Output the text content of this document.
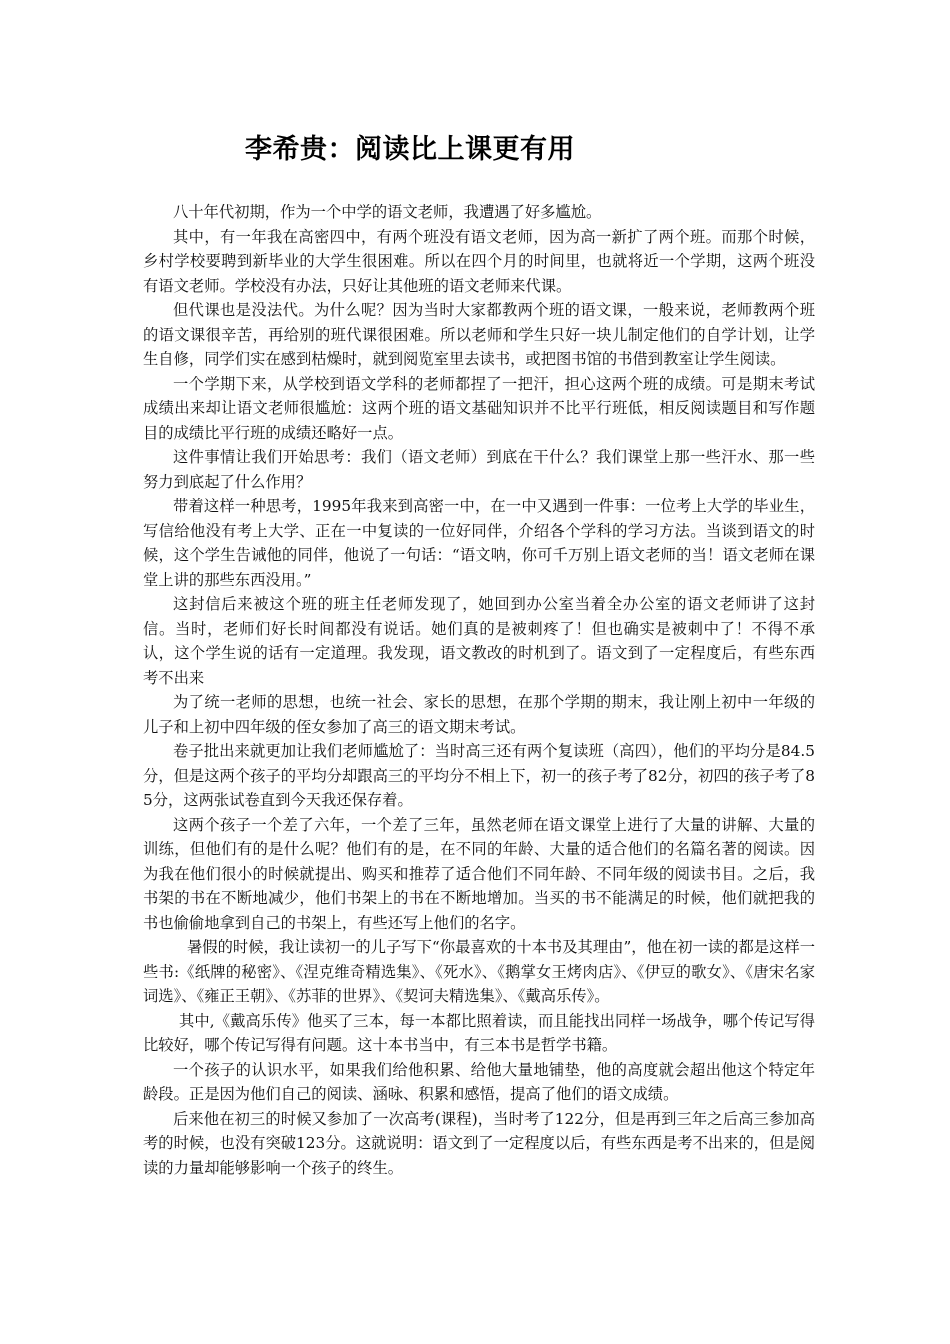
李希贵：阅读比上课更有用

八十年代初期，作为一个中学的语文老师，我遭遇了好多尴尬。

其中，有一年我在高密四中，有两个班没有语文老师，因为高一新扩了两个班。而那个时候，乡村学校要聘到新毕业的大学生很困难。所以在四个月的时间里，也就将近一个学期，这两个班没有语文老师。学校没有办法，只好让其他班的语文老师来代课。

但代课也是没法代。为什么呢？因为当时大家都教两个班的语文课，一般来说，老师教两个班的语文课很辛苦，再给别的班代课很困难。所以老师和学生只好一块儿制定他们的自学计划，让学生自修，同学们实在感到枯燥时，就到阅览室里去读书，或把图书馆的书借到教室让学生阅读。

一个学期下来，从学校到语文学科的老师都捏了一把汗，担心这两个班的成绩。可是期末考试成绩出来却让语文老师很尴尬：这两个班的语文基础知识并不比平行班低，相反阅读题目和写作题目的成绩比平行班的成绩还略好一点。

这件事情让我们开始思考：我们（语文老师）到底在干什么？我们课堂上那一些汗水、那一些努力到底起了什么作用？

带着这样一种思考，1995年我来到高密一中，在一中又遇到一件事：一位考上大学的毕业生，写信给他没有考上大学、正在一中复读的一位好同伴，介绍各个学科的学习方法。当谈到语文的时候，这个学生告诫他的同伴，他说了一句话：“语文呐，你可千万别上语文老师的当！语文老师在课堂上讲的那些东西没用。”

这封信后来被这个班的班主任老师发现了，她回到办公室当着全办公室的语文老师讲了这封信。当时，老师们好长时间都没有说话。她们真的是被刺疼了！但也确实是被刺中了！不得不承认，这个学生说的话有一定道理。我发现，语文教改的时机到了。语文到了一定程度后，有些东西考不出来

为了统一老师的思想，也统一社会、家长的思想，在那个学期的期末，我让刚上初中一年级的儿子和上初中四年级的侄女参加了高三的语文期末考试。

卷子批出来就更加让我们老师尴尬了：当时高三还有两个复读班（高四），他们的平均分是84.5分，但是这两个孩子的平均分却跟高三的平均分不相上下，初一的孩子考了82分，初四的孩子考了85分，这两张试卷直到今天我还保存着。

这两个孩子一个差了六年，一个差了三年，虽然老师在语文课堂上进行了大量的讲解、大量的训练，但他们有的是什么呢？他们有的是，在不同的年龄、大量的适合他们的名篇名著的阅读。因为我在他们很小的时候就提出、购买和推荐了适合他们不同年龄、不同年级的阅读书目。之后，我书架的书在不断地减少，他们书架上的书在不断地增加。当买的书不能满足的时候，他们就把我的书也偷偷地拿到自己的书架上，有些还写上他们的名字。

暑假的时候，我让读初一的儿子写下“你最喜欢的十本书及其理由”，他在初一读的都是这样一些书:《纸牌的秘密》、《涅克维奇精选集》、《死水》、《鹅掌女王烤肉店》、《伊豆的歌女》、《唐宋名家词选》、《雍正王朝》、《苏菲的世界》、《契诃夫精选集》、《戴高乐传》。

其中,《戴高乐传》他买了三本，每一本都比照着读，而且能找出同样一场战争，哪个传记写得比较好，哪个传记写得有问题。这十本书当中，有三本书是哲学书籍。

一个孩子的认识水平，如果我们给他积累、给他大量地铺垫，他的高度就会超出他这个特定年龄段。正是因为他们自己的阅读、涵咏、积累和感悟，提高了他们的语文成绩。

后来他在初三的时候又参加了一次高考(课程)，当时考了122分，但是再到三年之后高三参加高考的时候，也没有突破123分。这就说明：语文到了一定程度以后，有些东西是考不出来的，但是阅读的力量却能够影响一个孩子的终生。
